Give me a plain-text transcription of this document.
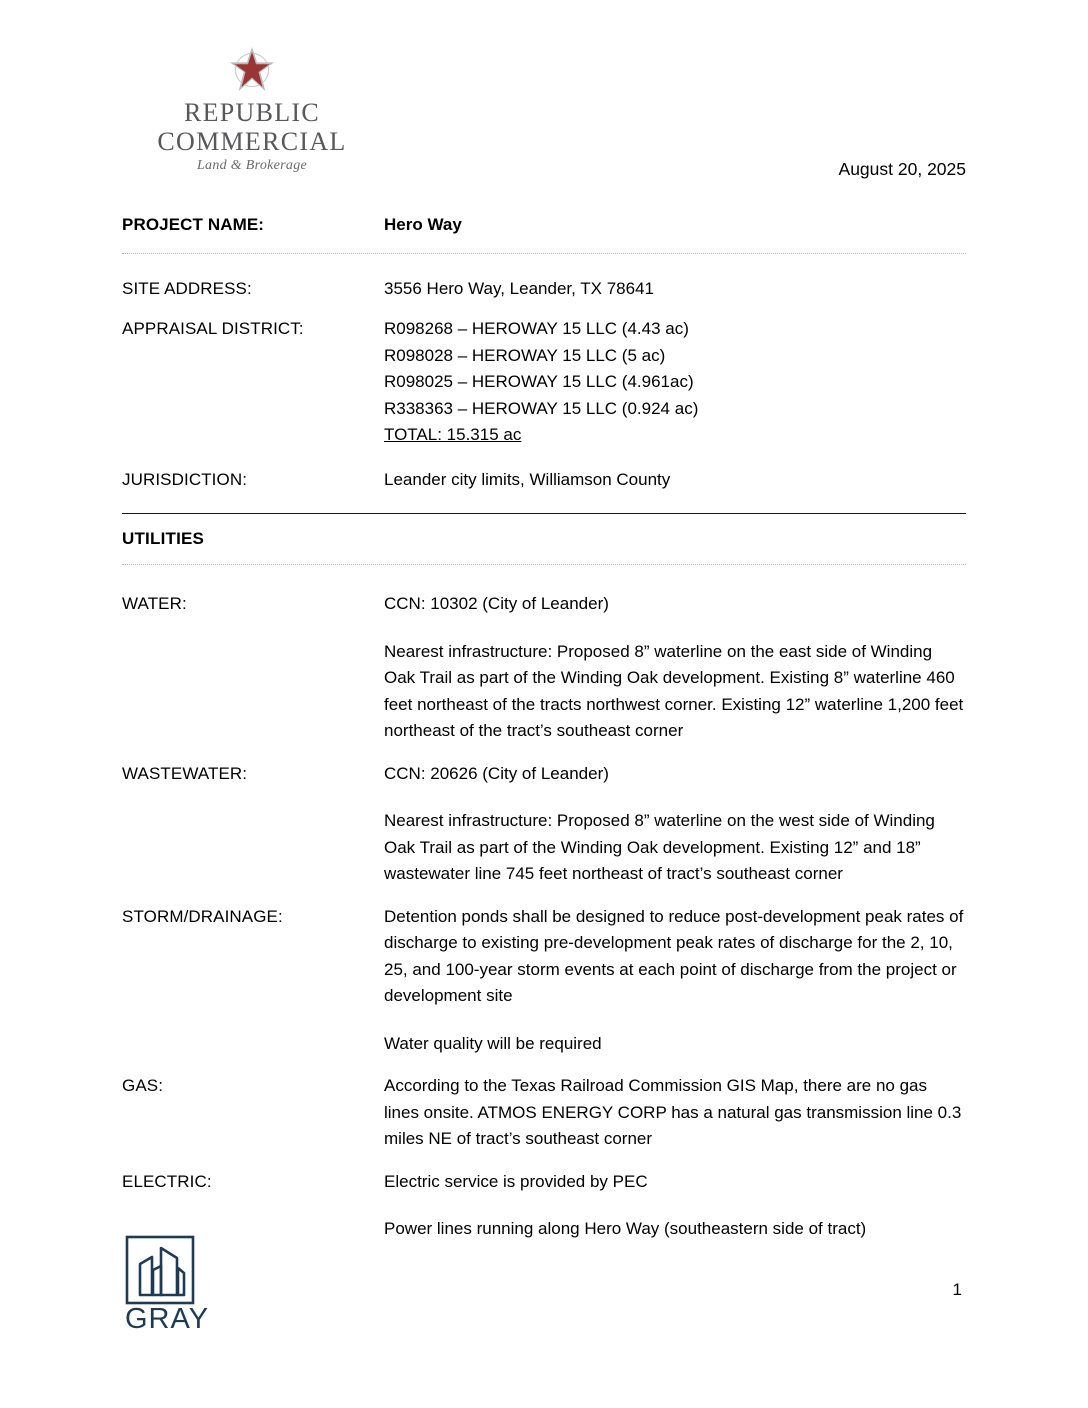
REPUBLIC
COMMERCIAL
Land & Brokerage	August 20, 2025
PROJECT NAME:	Hero Way
SITE ADDRESS:	3556 Hero Way, Leander, TX 78641
APPRAISAL DISTRICT:	R098268 – HEROWAY 15 LLC (4.43 ac)
R098028 – HEROWAY 15 LLC (5 ac)
R098025 – HEROWAY 15 LLC (4.961ac)
R338363 – HEROWAY 15 LLC (0.924 ac)
TOTAL: 15.315 ac
JURISDICTION:	Leander city limits, Williamson County
UTILITIES
WATER:	CCN: 10302 (City of Leander)

Nearest infrastructure: Proposed 8” waterline on the east side of Winding Oak Trail as part of the Winding Oak development. Existing 8” waterline 460 feet northeast of the tracts northwest corner. Existing 12” waterline 1,200 feet northeast of the tract’s southeast corner

WASTEWATER:	CCN: 20626 (City of Leander)

Nearest infrastructure: Proposed 8” waterline on the west side of Winding Oak Trail as part of the Winding Oak development. Existing 12” and 18” wastewater line 745 feet northeast of tract’s southeast corner

STORM/DRAINAGE:	Detention ponds shall be designed to reduce post-development peak rates of discharge to existing pre-development peak rates of discharge for the 2, 10, 25, and 100-year storm events at each point of discharge from the project or development site

Water quality will be required

GAS:	According to the Texas Railroad Commission GIS Map, there are no gas lines onsite. ATMOS ENERGY CORP has a natural gas transmission line 0.3 miles NE of tract’s southeast corner

ELECTRIC:	Electric service is provided by PEC

Power lines running along Hero Way (southeastern side of tract)

GRAY
1
